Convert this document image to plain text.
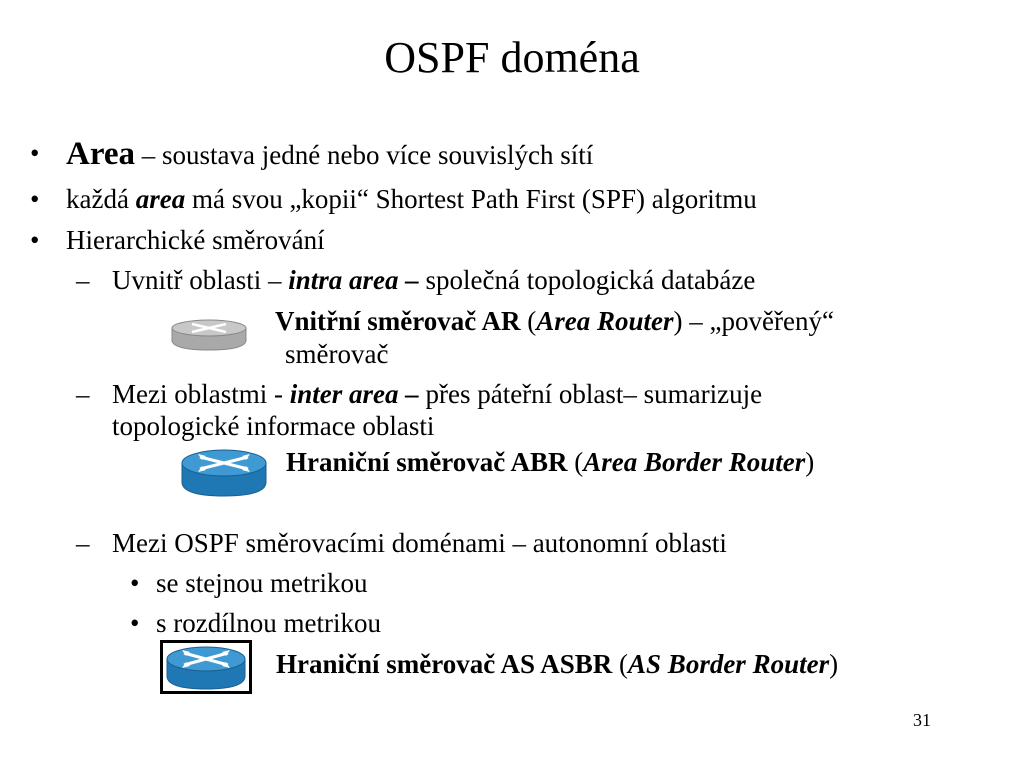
OSPF doména
• Area – soustava jedné nebo více souvislých sítí
• každá area má svou „kopii“ Shortest Path First (SPF) algoritmu
• Hierarchické směrování
– Uvnitř oblasti – intra area – společná topologická databáze
Vnitřní směrovač AR (Area Router) – „pověřený“
směrovač
– Mezi oblastmi - inter area – přes páteřní oblast– sumarizuje
topologické informace oblasti
Hraniční směrovač ABR (Area Border Router)
– Mezi OSPF směrovacími doménami – autonomní oblasti
• se stejnou metrikou
• s rozdílnou metrikou
Hraniční směrovač AS ASBR (AS Border Router)
31
